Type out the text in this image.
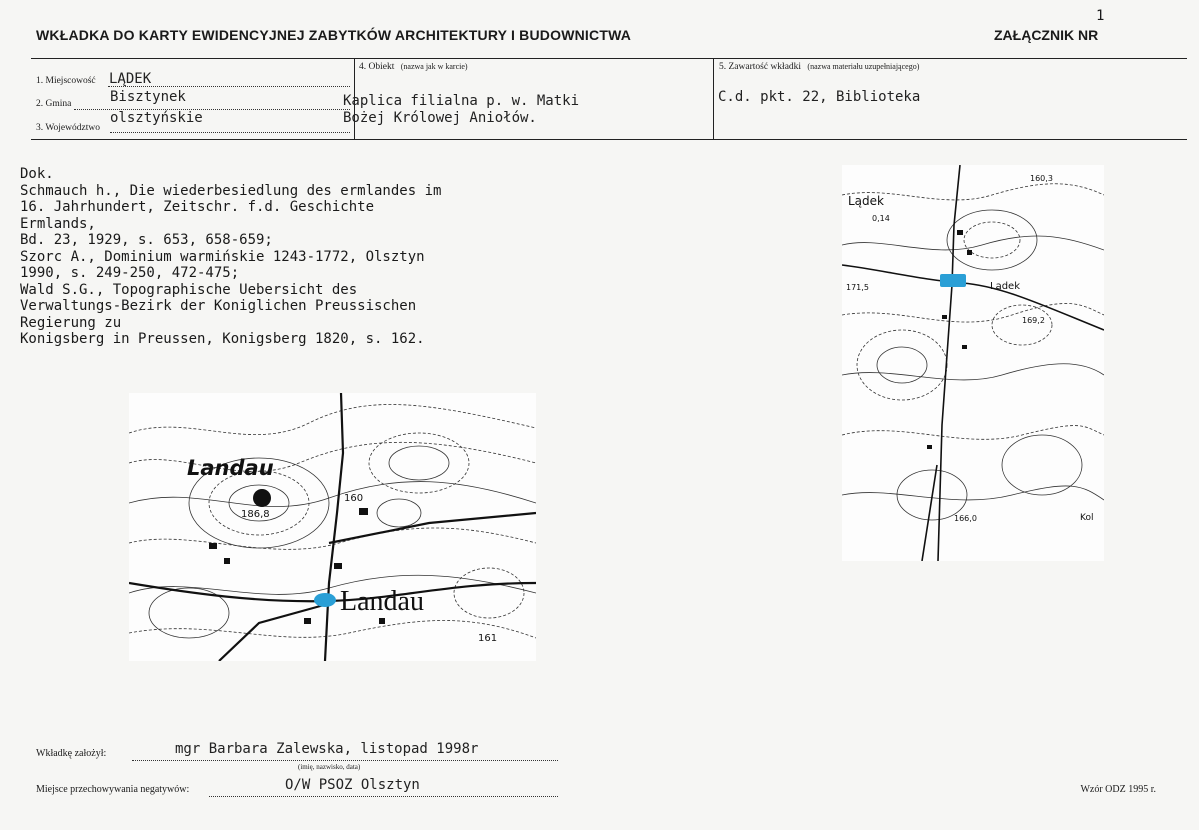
1
WKŁADKA DO KARTY EWIDENCYJNEJ ZABYTKÓW ARCHITEKTURY I BUDOWNICTWA	ZAŁĄCZNIK NR
1. Miejscowość LĄDEK
2. Gmina	Bisztynek
3. Województwo
olsztyńskie
4. Obiekt (nazwa jak w karcie)
Kaplica filialna p. w. Matki
Bożej Królowej Aniołów.
5. Zawartość wkładki (nazwa materiału uzupełniającego)
C.d. pkt. 22, Biblioteka
Dok.
Schmauch h., Die wiederbesiedlung des ermlandes im
16. Jahrhundert, Zeitschr. f.d. Geschichte
Ermlands,
Bd. 23, 1929, s. 653, 658-659;
Szorc A., Dominium warmińskie 1243-1772, Olsztyn
1990, s. 249-250, 472-475;
Wald S.G., Topographische Uebersicht des
Verwaltungs-Bezirk der Koniglichen Preussischen
Regierung zu
Konigsberg in Preussen, Konigsberg 1820, s. 162.
Landau
Landau
186,8
160
161
Lądek
Lądek
Kol
160,3
0,14
171,5
169,2
166,0
Wkładkę założył:	mgr Barbara Zalewska, listopad 1998r
(imię, nazwisko, data)
Miejsce przechowywania negatywów:	O/W PSOZ Olsztyn	Wzór ODZ 1995 r.
